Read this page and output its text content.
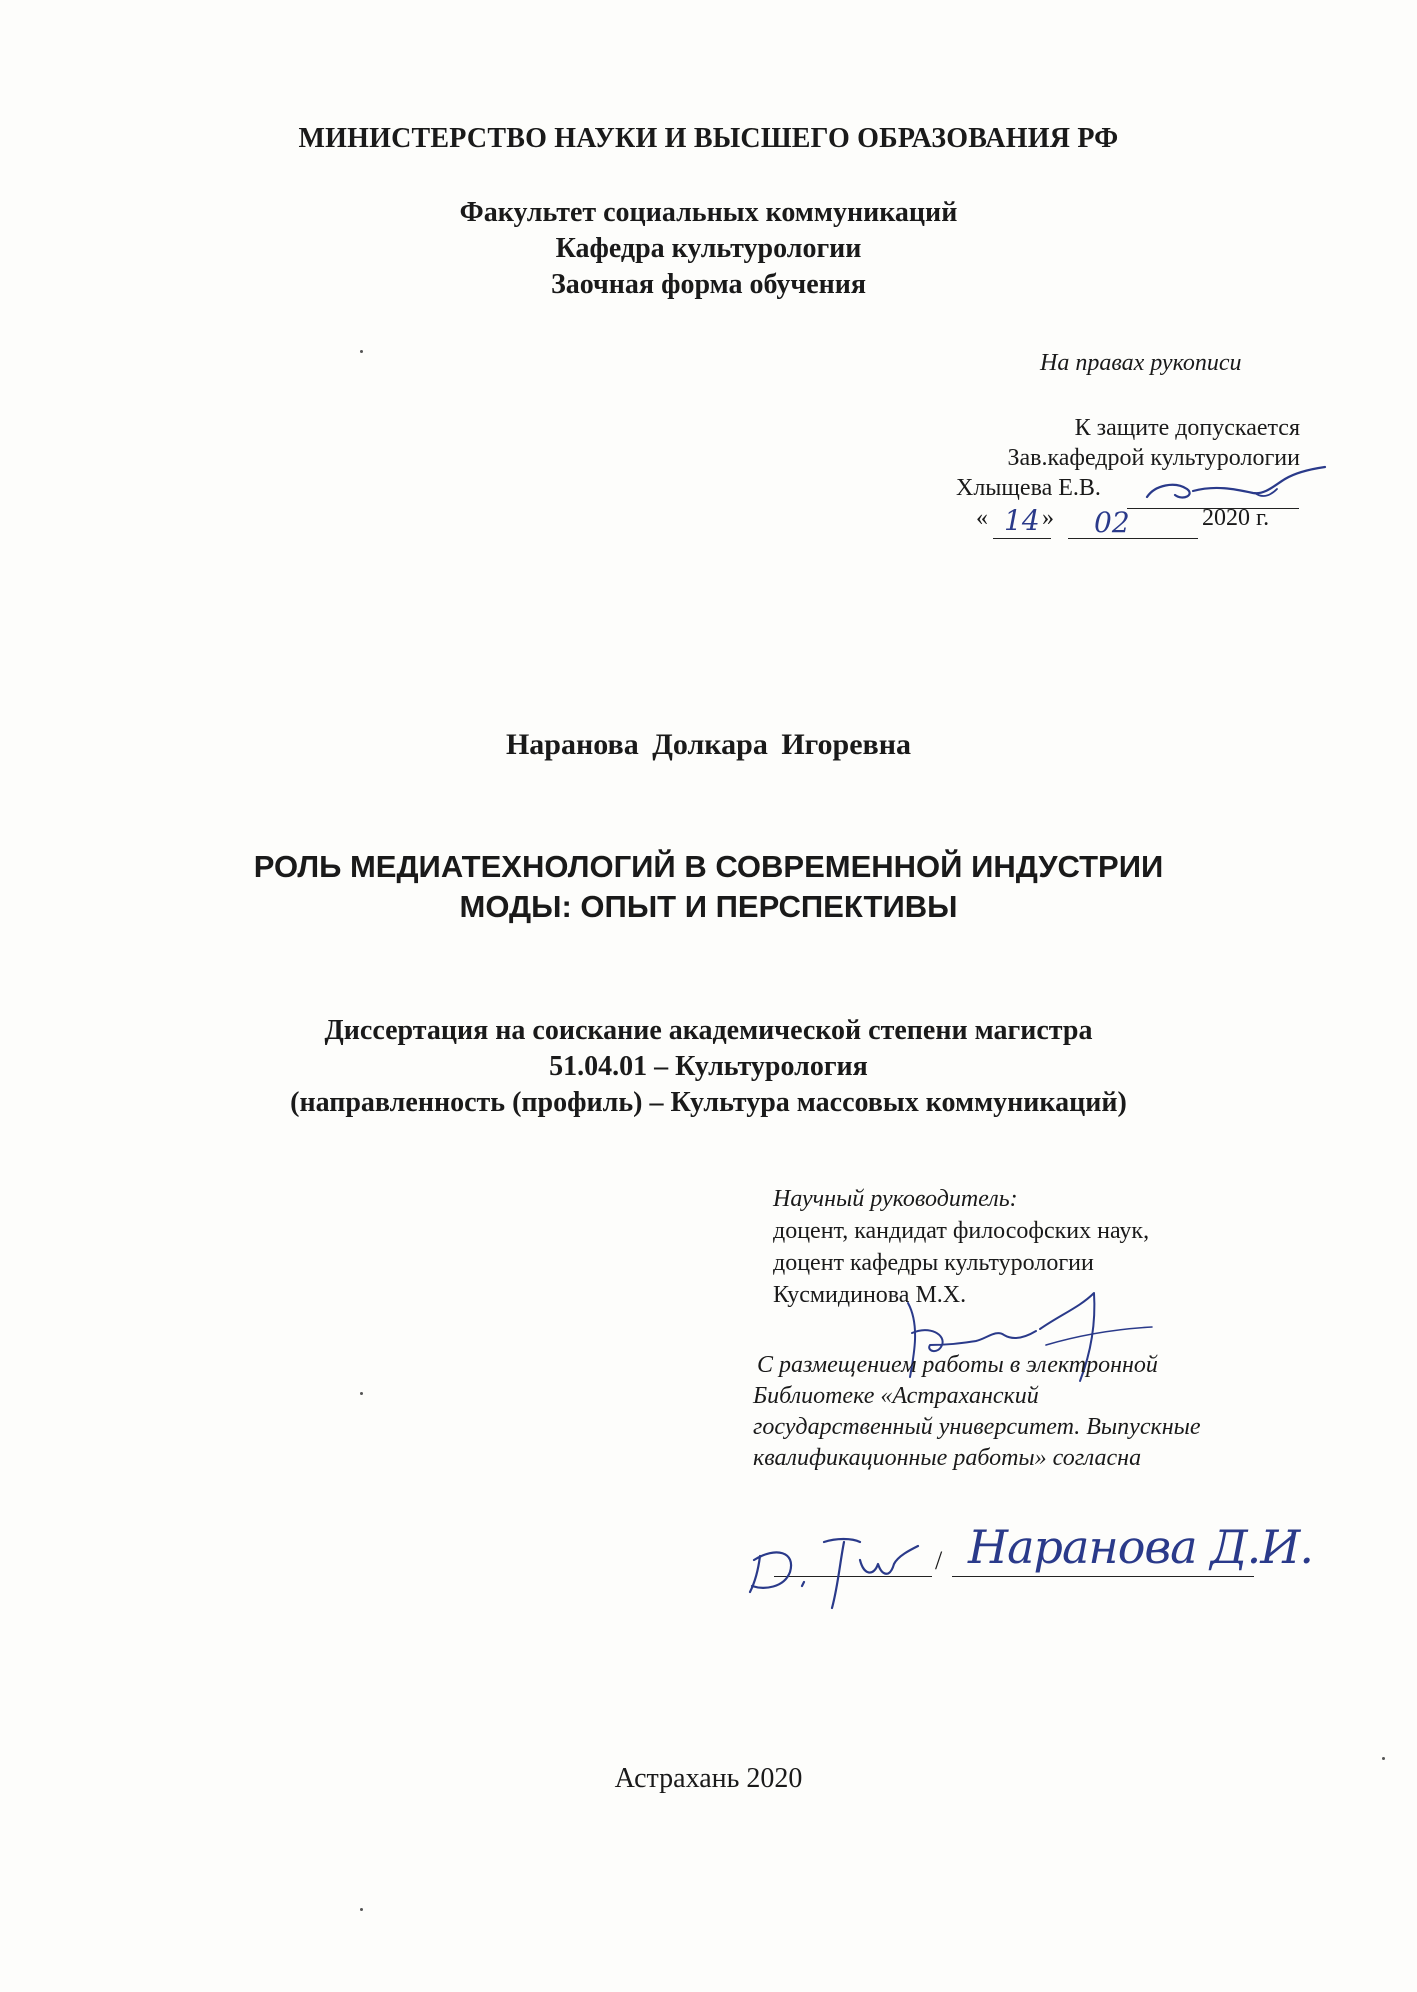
МИНИСТЕРСТВО НАУКИ И ВЫСШЕГО ОБРАЗОВАНИЯ РФ
Факультет социальных коммуникаций
Кафедра культурологии
Заочная форма обучения
На правах рукописи
К защите допускается
Зав.кафедрой культурологии
Хлыщева Е.В.
« »	2020 г.
14 02
Наранова Долкара Игоревна
РОЛЬ МЕДИАТЕХНОЛОГИЙ В СОВРЕМЕННОЙ ИНДУСТРИИ
МОДЫ: ОПЫТ И ПЕРСПЕКТИВЫ
Диссертация на соискание академической степени магистра
51.04.01 – Культурология
(направленность (профиль) – Культура массовых коммуникаций)
Научный руководитель:
доцент, кандидат философских наук,
доцент кафедры культурологии
Кусмидинова М.Х.
С размещением работы в электронной
Библиотеке «Астраханский
государственный университет. Выпускные
квалификационные работы» согласна
/ Наранова Д.И.
Астрахань 2020
